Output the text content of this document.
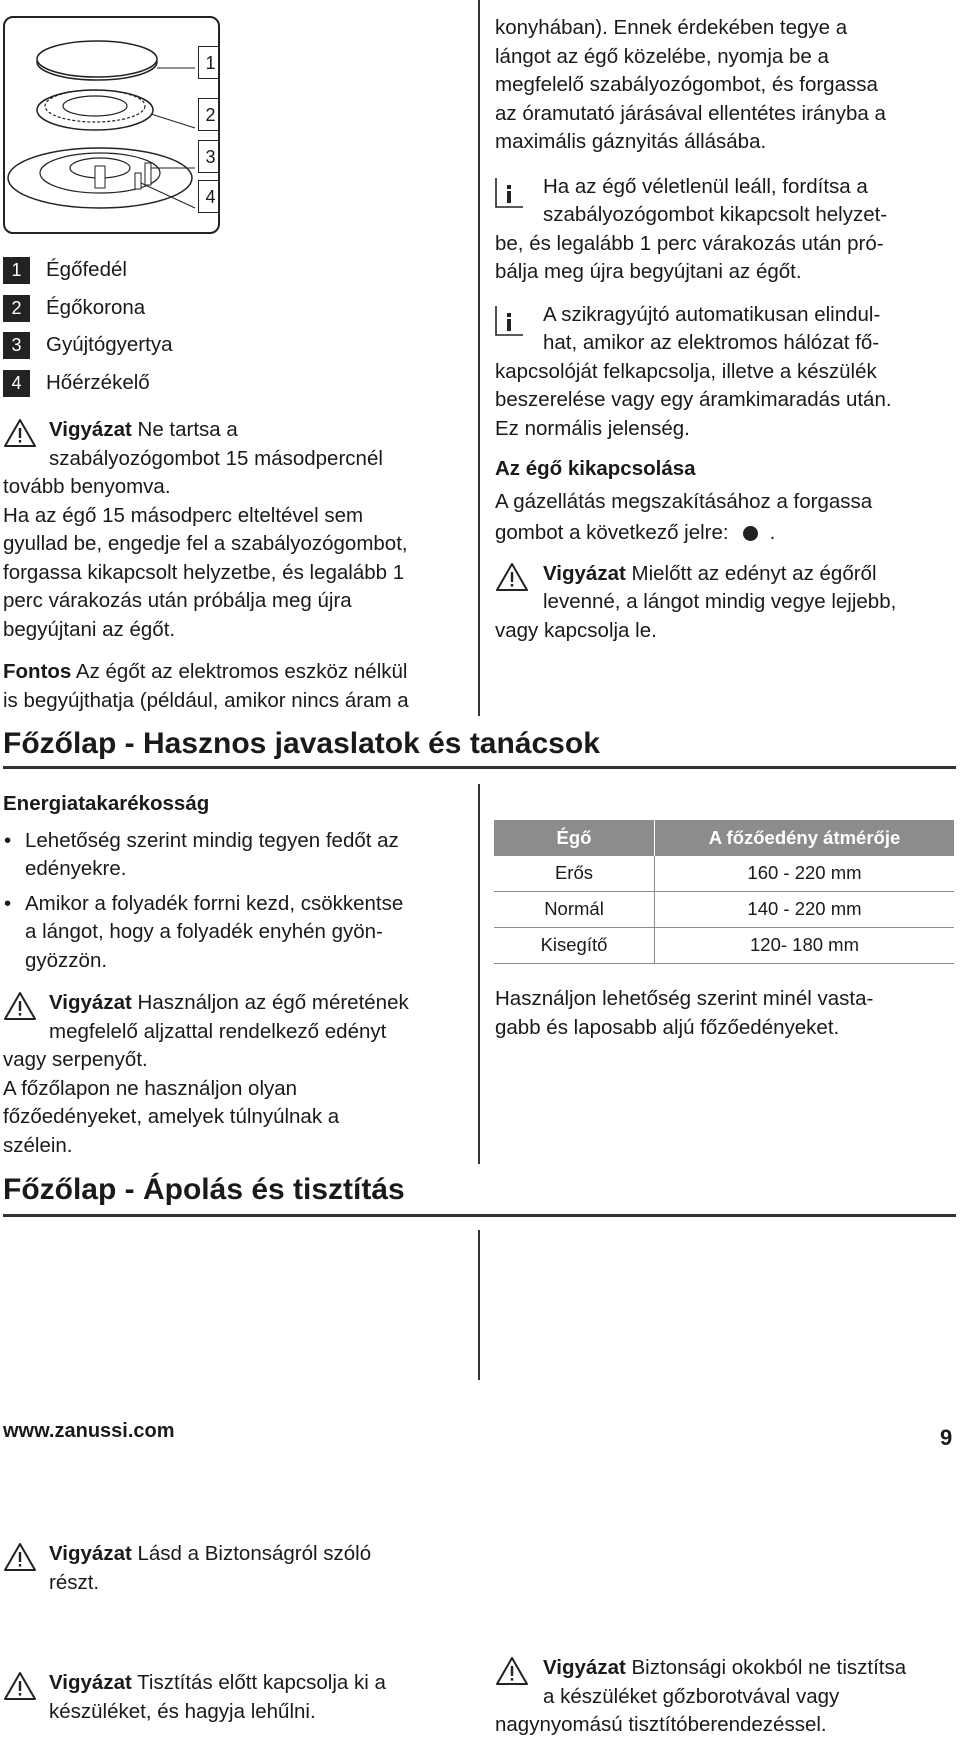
1
2
3
4
1	Égőfedél
2	Égőkorona
3	Gyújtógyertya
4	Hőérzékelő

Vigyázat Ne tartsa a

szabályozógombot 15 másodpercnél

tovább benyomva.

Ha az égő 15 másodperc elteltével sem

gyullad be, engedje fel a szabályozógombot,

forgassa kikapcsolt helyzetbe, és legalább 1

perc várakozás után próbálja meg újra

begyújtani az égőt.

Fontos Az égőt az elektromos eszköz nélkül

is begyújthatja (például, amikor nincs áram a

konyhában). Ennek érdekében tegye a

lángot az égő közelébe, nyomja be a

megfelelő szabályozógombot, és forgassa

az óramutató járásával ellentétes irányba a

maximális gáznyitás állásába.

Ha az égő véletlenül leáll, fordítsa a

szabályozógombot kikapcsolt helyzet-

be, és legalább 1 perc várakozás után pró-

bálja meg újra begyújtani az égőt.

A szikragyújtó automatikusan elindul-

hat, amikor az elektromos hálózat fő-

kapcsolóját felkapcsolja, illetve a készülék

beszerelése vagy egy áramkimaradás után.

Ez normális jelenség.

Az égő kikapcsolása

A gázellátás megszakításához a forgassa

gombot a következő jelre: .

Vigyázat Mielőtt az edényt az égőről

levenné, a lángot mindig vegye lejjebb,

vagy kapcsolja le.

Főzőlap - Hasznos javaslatok és tanácsok

Energiatakarékosság

• Lehetőség szerint mindig tegyen fedőt az

edényekre.

• Amikor a folyadék forrni kezd, csökkentse

a lángot, hogy a folyadék enyhén gyön-

gyözzön.

Vigyázat Használjon az égő méretének

megfelelő aljzattal rendelkező edényt

vagy serpenyőt.

A főzőlapon ne használjon olyan

főzőedényeket, amelyek túlnyúlnak a

szélein.

Égő	A főzőedény átmérője
Erős	160 - 220 mm
Normál	140 - 220 mm
Kisegítő	120- 180 mm

Használjon lehetőség szerint minél vasta-

gabb és laposabb aljú főzőedényeket.

Főzőlap - Ápolás és tisztítás

Vigyázat Lásd a Biztonságról szóló

részt.

Vigyázat Tisztítás előtt kapcsolja ki a

készüléket, és hagyja lehűlni.

Vigyázat Biztonsági okokból ne tisztítsa

a készüléket gőzborotvával vagy

nagynyomású tisztítóberendezéssel.

www.zanussi.com	9
